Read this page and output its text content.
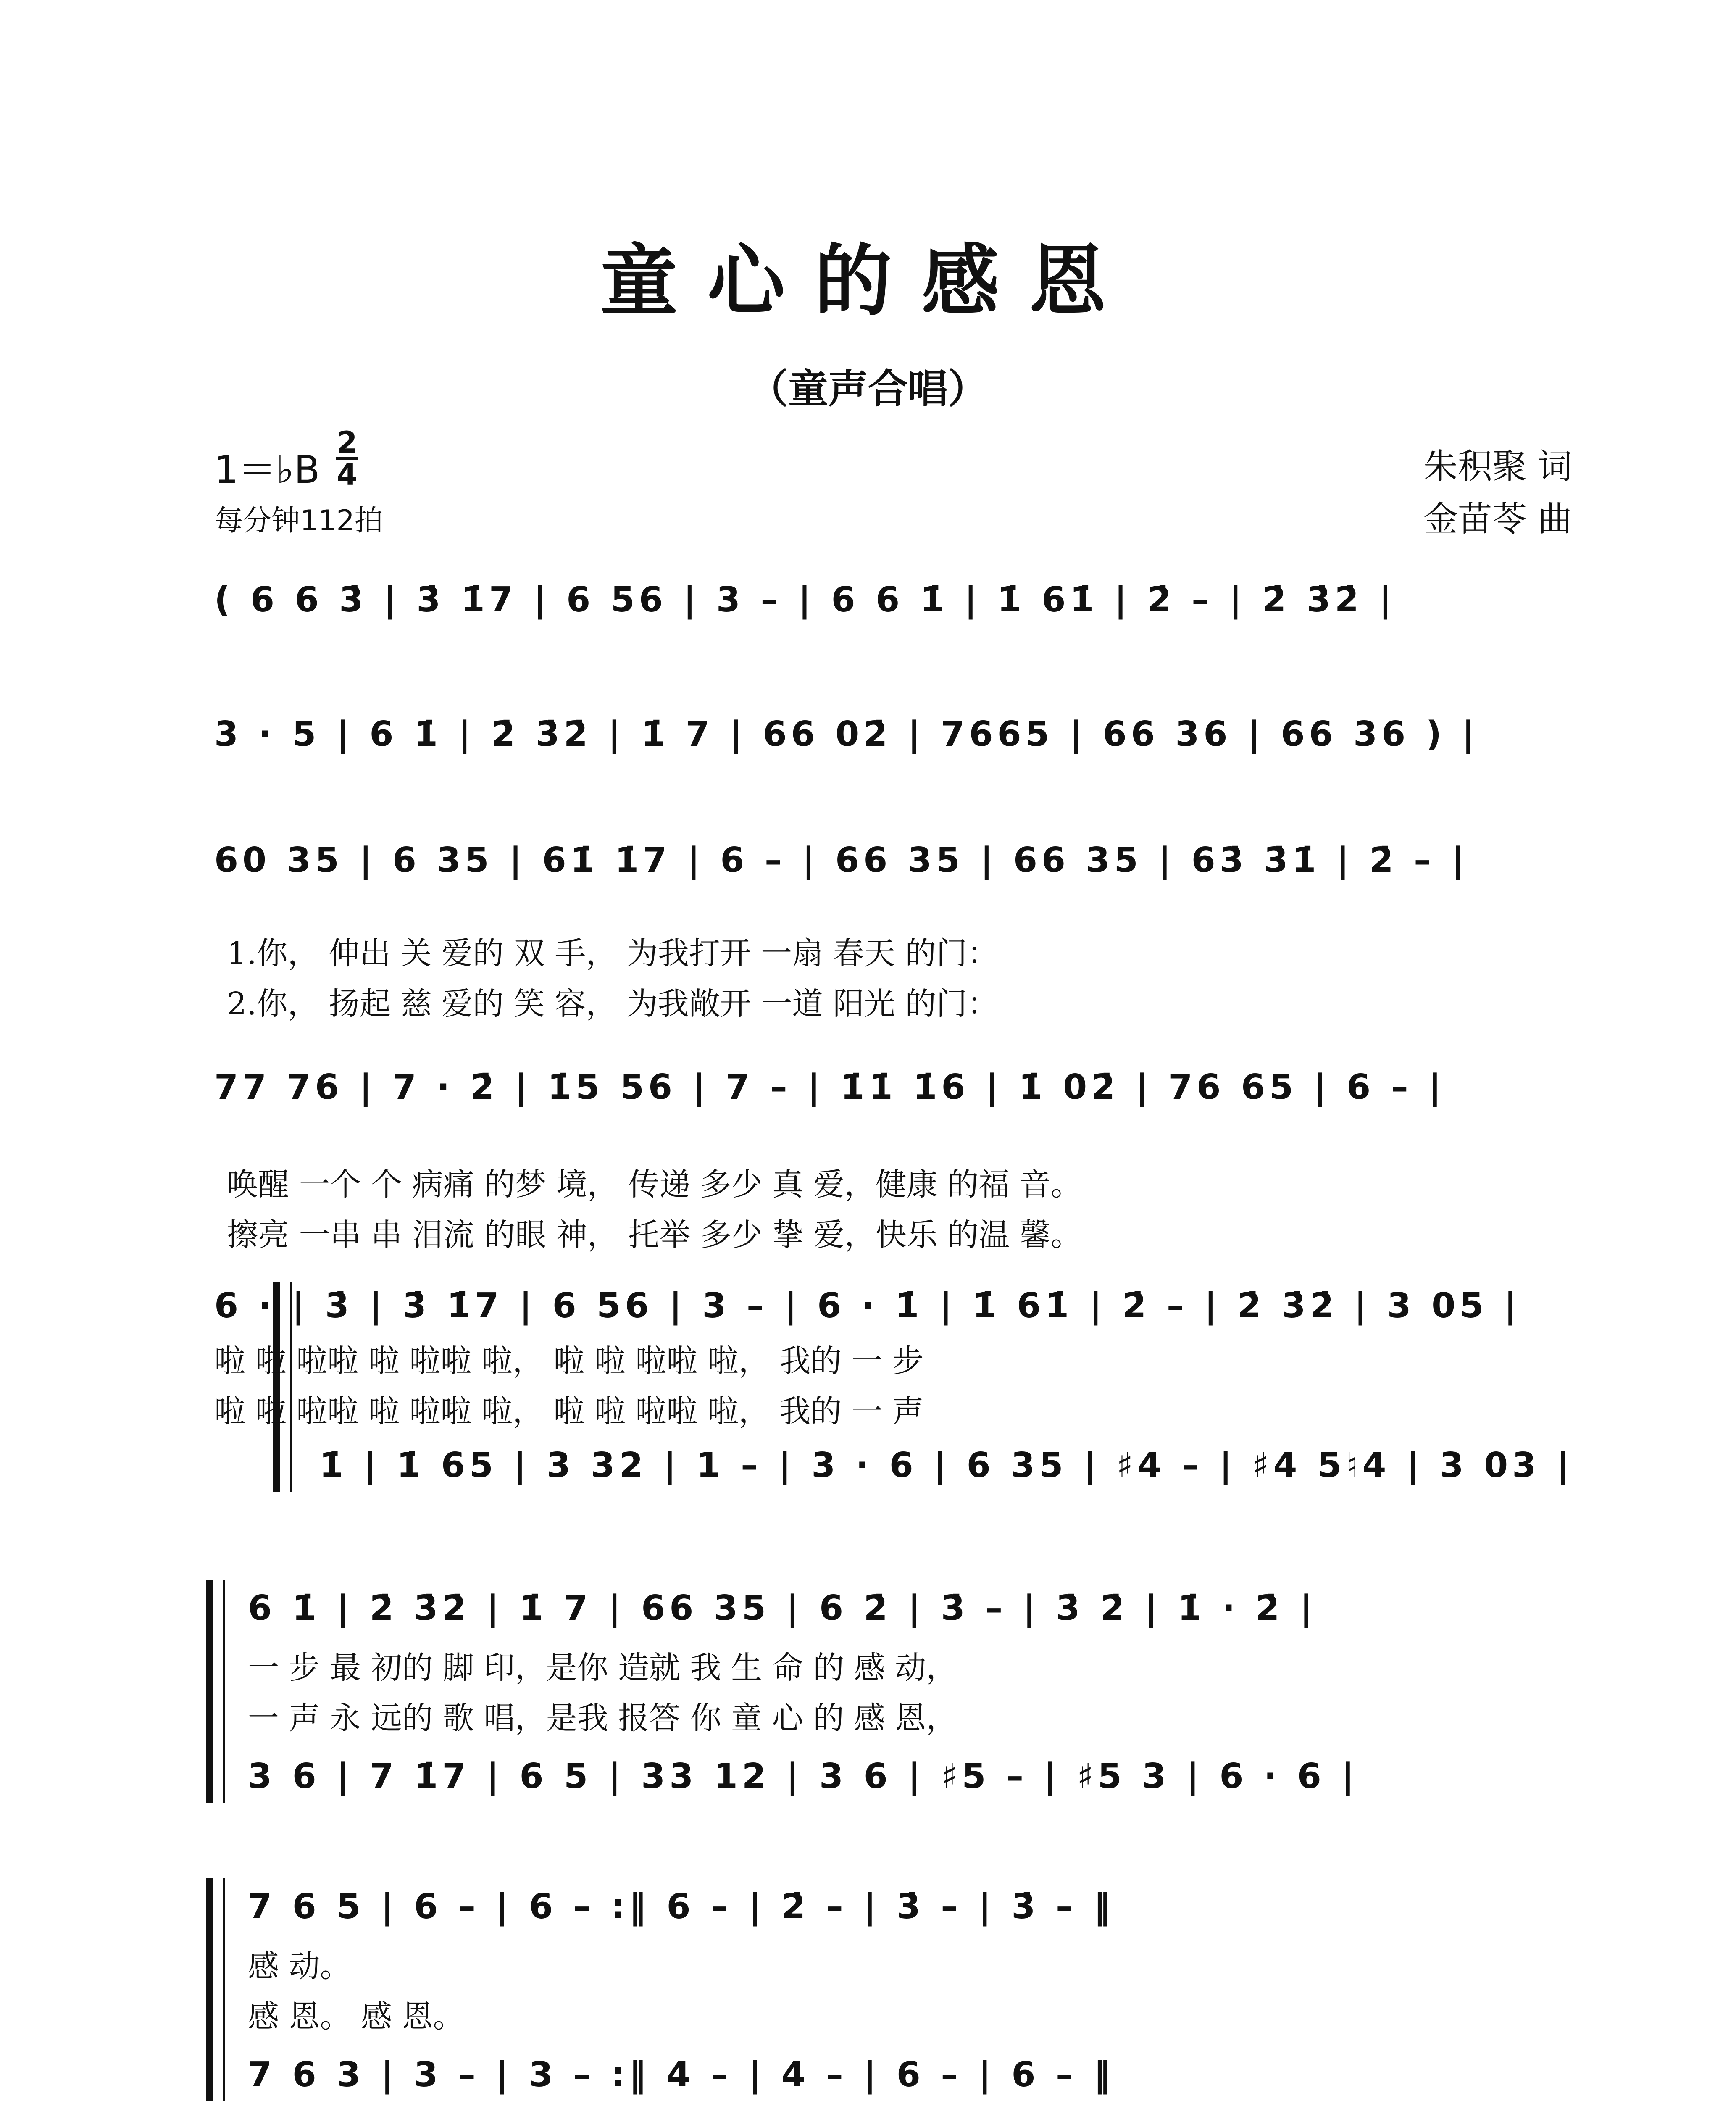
童心的感恩
（童声合唱）
1＝♭B
2
4
每分钟112拍
朱积聚 词
金苗苓 曲
( 6 6 3̇ | 3̇ 1̇7 | 6 56 | 3 – | 6 6 1̇ | 1̇ 61̇ | 2̇ – | 2̇ 3̇2̇ |
3 · 5 | 6 1̇ | 2̇ 3̇2̇ | 1̇ 7 | 66 02̇ | 7665 | 66 36 | 66 36 ) |
60 35 | 6 35 | 61̇ 1̇7 | 6 – | 66 35 | 66 35 | 63̇ 3̇1̇ | 2̇ – |
1.你， 伸出 关 爱的 双 手， 为我打开 一扇 春天 的门：
2.你， 扬起 慈 爱的 笑 容， 为我敞开 一道 阳光 的门：
77 76 | 7 · 2̇ | 1̇5 56 | 7 – | 1̇1̇ 1̇6 | 1̇ 02̇ | 76 65 | 6 – |
唤醒 一个 个 病痛 的梦 境， 传递 多少 真 爱，健康 的福 音。
擦亮 一串 串 泪流 的眼 神， 托举 多少 挚 爱，快乐 的温 馨。
6 · | 3̇ | 3̇ 1̇7 | 6 56 | 3 – | 6 · 1̇ | 1̇ 61̇ | 2̇ – | 2̇ 3̇2̇ | 3 05 |
啦 啦 啦啦 啦 啦啦 啦， 啦 啦 啦啦 啦， 我的 一 步
啦 啦 啦啦 啦 啦啦 啦， 啦 啦 啦啦 啦， 我的 一 声
1̇ | 1̇ 65 | 3 32 | 1 – | 3 · 6 | 6 35 | ♯4 – | ♯4 5♮4 | 3 03 |
6 1̇ | 2̇ 3̇2̇ | 1̇ 7 | 66 35 | 6 2̇ | 3̇ – | 3̇ 2̇ | 1̇ · 2̇ |
一 步 最 初的 脚 印，是你 造就 我 生 命 的 感 动，
一 声 永 远的 歌 唱，是我 报答 你 童 心 的 感 恩，
3 6 | 7 1̇7 | 6 5 | 33 12 | 3 6 | ♯5 – | ♯5 3 | 6 · 6 |
7 6 5 | 6 – | 6 – :‖ 6 – | 2̇ – | 3̇ – | 3̇ – ‖
感 动。
感 恩。 感 恩。
7 6 3 | 3 – | 3 – :‖ 4 – | 4 – | 6 – | 6 – ‖
